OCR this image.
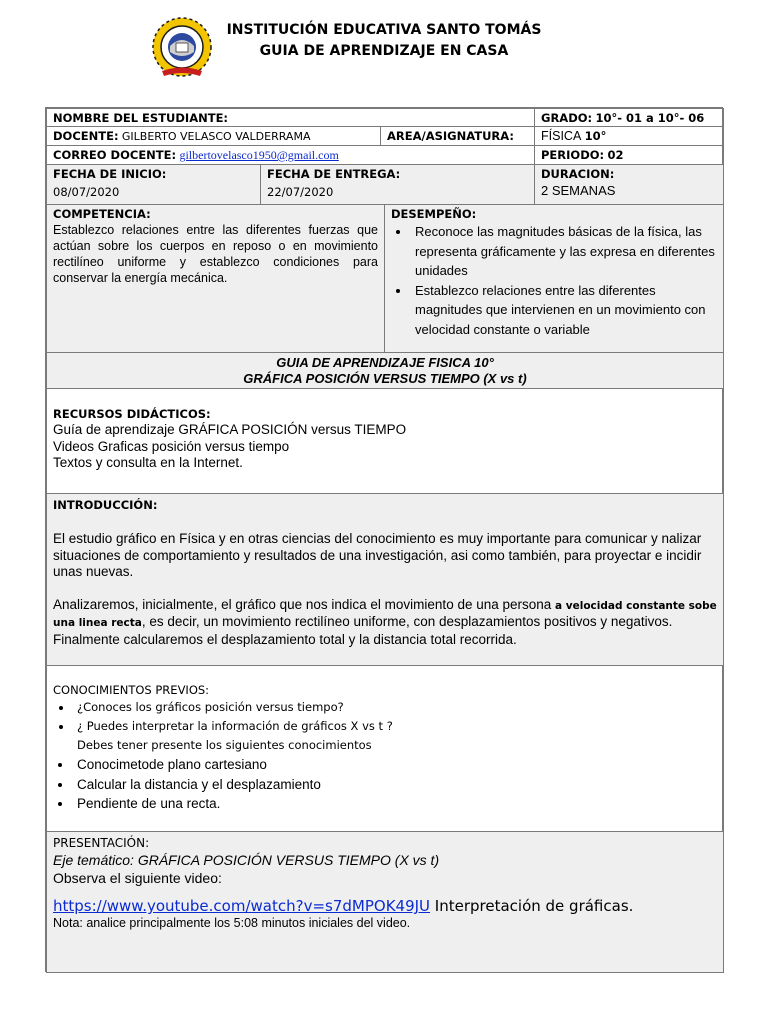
INSTITUCIÓN EDUCATIVA SANTO TOMÁS
GUIA DE APRENDIZAJE EN CASA
NOMBRE DEL ESTUDIANTE:	GRADO: 10°- 01 a 10°- 06
DOCENTE: GILBERTO VELASCO VALDERRAMA	AREA/ASIGNATURA:	FÍSICA 10°
CORREO DOCENTE: gilbertovelasco1950@gmail.com	PERIODO: 02
FECHA DE INICIO:
08/07/2020
FECHA DE ENTREGA:
22/07/2020
DURACION:
2 SEMANAS
COMPETENCIA:
Establezco relaciones entre las diferentes fuerzas que actúan sobre los cuerpos en reposo o en movimiento rectilíneo uniforme y establezco condiciones para conservar la energía mecánica.
DESEMPEÑO:
• Reconoce las magnitudes básicas de la física, las representa gráficamente y las expresa en diferentes unidades
• Establezco relaciones entre las diferentes magnitudes que intervienen en un movimiento con velocidad constante o variable
GUIA DE APRENDIZAJE FISICA 10°
GRÁFICA POSICIÓN VERSUS TIEMPO (X vs t)
RECURSOS DIDÁCTICOS:
Guía de aprendizaje GRÁFICA POSICIÓN versus TIEMPO
Videos Graficas posición versus tiempo
Textos y consulta en la Internet.
INTRODUCCIÓN:
El estudio gráfico en Física y en otras ciencias del conocimiento es muy importante para comunicar y nalizar situaciones de comportamiento y resultados de una investigación, asi como también, para proyectar e incidir unas nuevas.
Analizaremos, inicialmente, el gráfico que nos indica el movimiento de una persona a velocidad constante sobe una linea recta, es decir, un movimiento rectilíneo uniforme, con desplazamientos positivos y negativos. Finalmente calcularemos el desplazamiento total y la distancia total recorrida.
CONOCIMIENTOS PREVIOS:
• ¿Conoces los gráficos posición versus tiempo?
• ¿ Puedes interpretar la información de gráficos X vs t ?
Debes tener presente los siguientes conocimientos
• Conocimetode plano cartesiano
• Calcular la distancia y el desplazamiento
• Pendiente de una recta.
PRESENTACIÓN:
Eje temático: GRÁFICA POSICIÓN VERSUS TIEMPO (X vs t)
Observa el siguiente video:
https://www.youtube.com/watch?v=s7dMPOK49JU Interpretación de gráficas.
Nota: analice principalmente los 5:08 minutos iniciales del video.
